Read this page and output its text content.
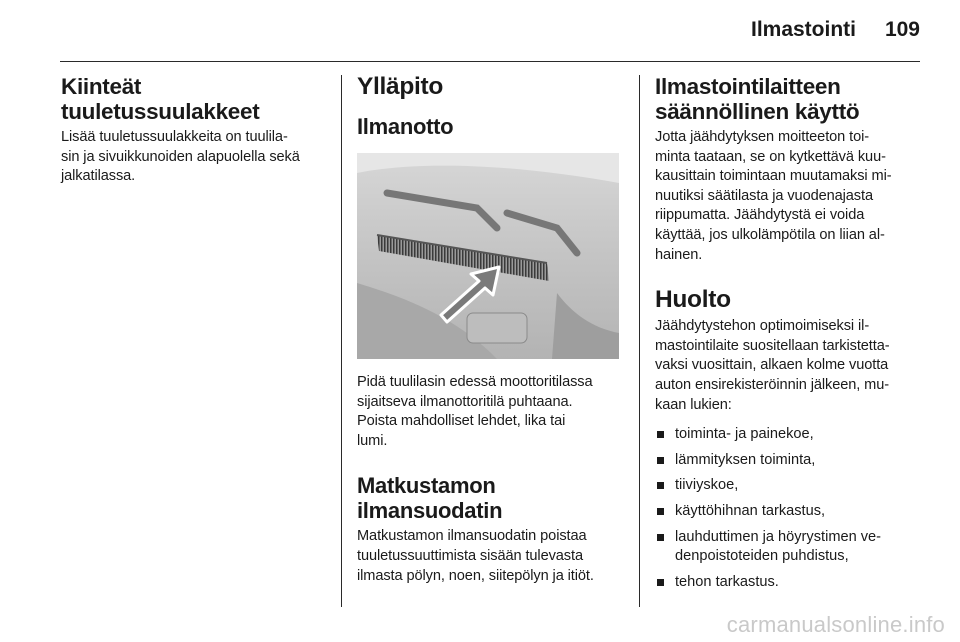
Ilmastointi	109
Kiinteät
tuuletussuulakkeet

Lisää tuuletussuulakkeita on tuulila-
sin ja sivuikkunoiden alapuolella sekä
jalkatilassa.

Ylläpito
Ilmanotto

Pidä tuulilasin edessä moottoritilassa
sijaitseva ilmanottoritilä puhtaana.
Poista mahdolliset lehdet, lika tai
lumi.

Matkustamon
ilmansuodatin

Matkustamon ilmansuodatin poistaa
tuuletussuuttimista sisään tulevasta
ilmasta pölyn, noen, siitepölyn ja itiöt.

Ilmastointilaitteen
säännöllinen käyttö

Jotta jäähdytyksen moitteeton toi-
minta taataan, se on kytkettävä kuu-
kausittain toimintaan muutamaksi mi-
nuutiksi säätilasta ja vuodenajasta
riippumatta. Jäähdytystä ei voida
käyttää, jos ulkolämpötila on liian al-
hainen.

Huolto

Jäähdytystehon optimoimiseksi il-
mastointilaite suositellaan tarkistetta-
vaksi vuosittain, alkaen kolme vuotta
auton ensirekisteröinnin jälkeen, mu-
kaan lukien:

toiminta- ja painekoe,
lämmityksen toiminta,
tiiviyskoe,
käyttöhihnan tarkastus,
lauhduttimen ja höyrystimen ve-
denpoistoteiden puhdistus,
tehon tarkastus.
carmanualsonline.info
